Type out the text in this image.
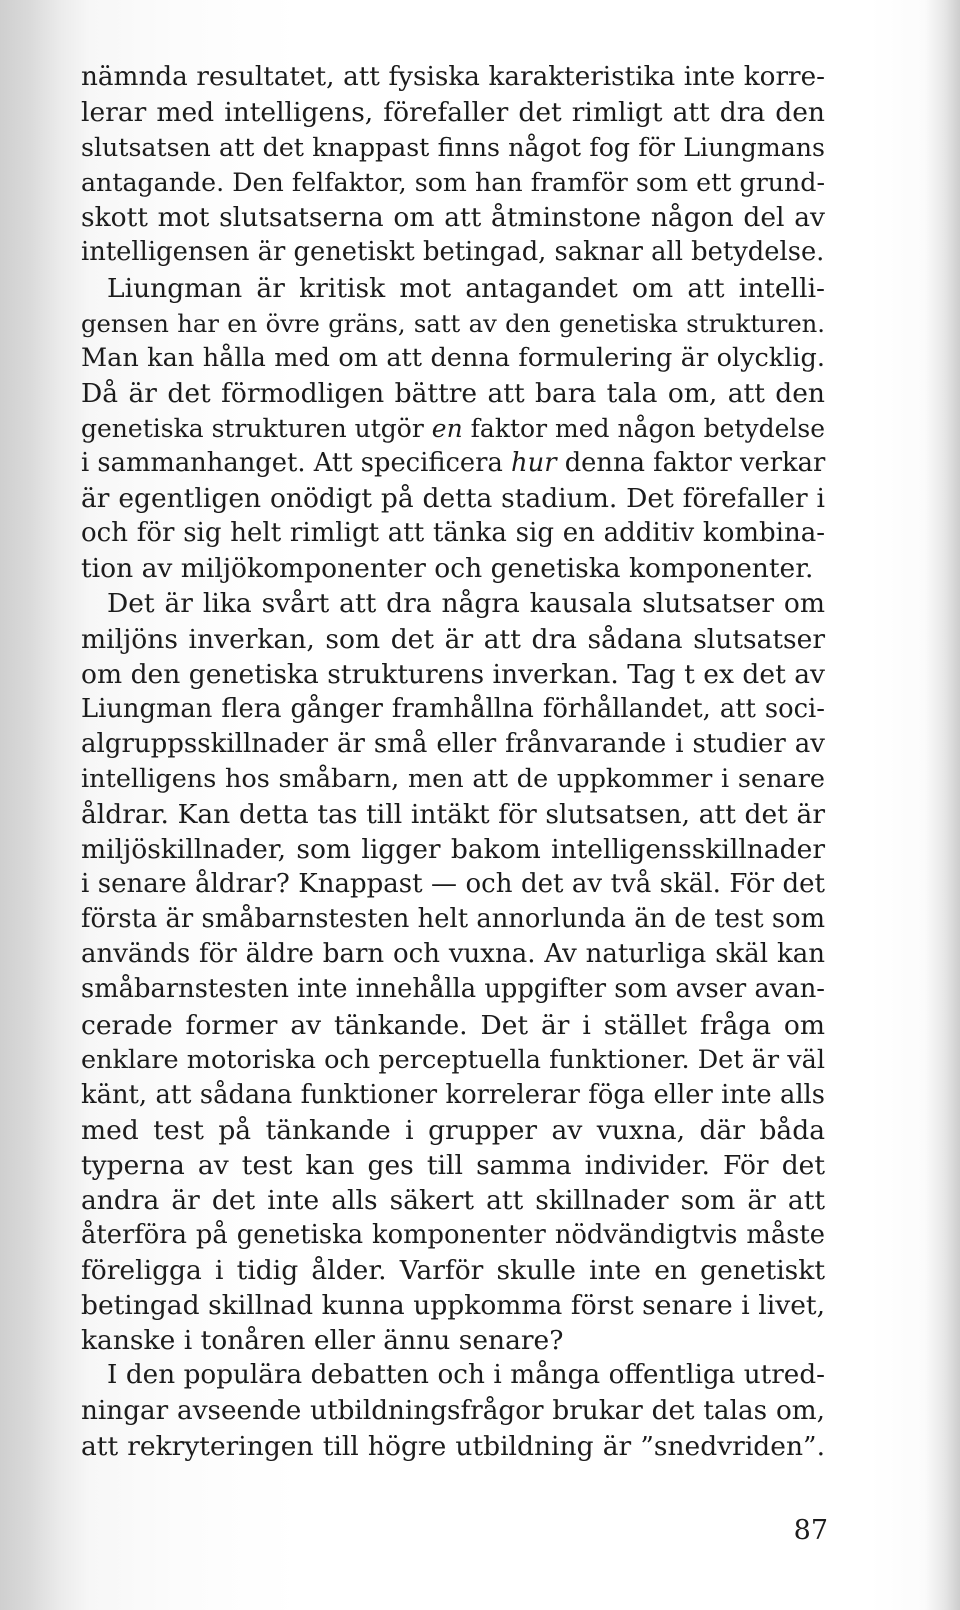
nämnda resultatet, att fysiska karakteristika inte korre-
lerar med intelligens, förefaller det rimligt att dra den
slutsatsen att det knappast finns något fog för Liungmans
antagande. Den felfaktor, som han framför som ett grund-
skott mot slutsatserna om att åtminstone någon del av
intelligensen är genetiskt betingad, saknar all betydelse.
Liungman är kritisk mot antagandet om att intelli-
gensen har en övre gräns, satt av den genetiska strukturen.
Man kan hålla med om att denna formulering är olycklig.
Då är det förmodligen bättre att bara tala om, att den
genetiska strukturen utgör en faktor med någon betydelse
i sammanhanget. Att specificera hur denna faktor verkar
är egentligen onödigt på detta stadium. Det förefaller i
och för sig helt rimligt att tänka sig en additiv kombina-
tion av miljökomponenter och genetiska komponenter.
Det är lika svårt att dra några kausala slutsatser om
miljöns inverkan, som det är att dra sådana slutsatser
om den genetiska strukturens inverkan. Tag t ex det av
Liungman flera gånger framhållna förhållandet, att soci-
algruppsskillnader är små eller frånvarande i studier av
intelligens hos småbarn, men att de uppkommer i senare
åldrar. Kan detta tas till intäkt för slutsatsen, att det är
miljöskillnader, som ligger bakom intelligensskillnader
i senare åldrar? Knappast — och det av två skäl. För det
första är småbarnstesten helt annorlunda än de test som
används för äldre barn och vuxna. Av naturliga skäl kan
småbarnstesten inte innehålla uppgifter som avser avan-
cerade former av tänkande. Det är i stället fråga om
enklare motoriska och perceptuella funktioner. Det är väl
känt, att sådana funktioner korrelerar föga eller inte alls
med test på tänkande i grupper av vuxna, där båda
typerna av test kan ges till samma individer. För det
andra är det inte alls säkert att skillnader som är att
återföra på genetiska komponenter nödvändigtvis måste
föreligga i tidig ålder. Varför skulle inte en genetiskt
betingad skillnad kunna uppkomma först senare i livet,
kanske i tonåren eller ännu senare?
I den populära debatten och i många offentliga utred-
ningar avseende utbildningsfrågor brukar det talas om,
att rekryteringen till högre utbildning är ”snedvriden”.
87
